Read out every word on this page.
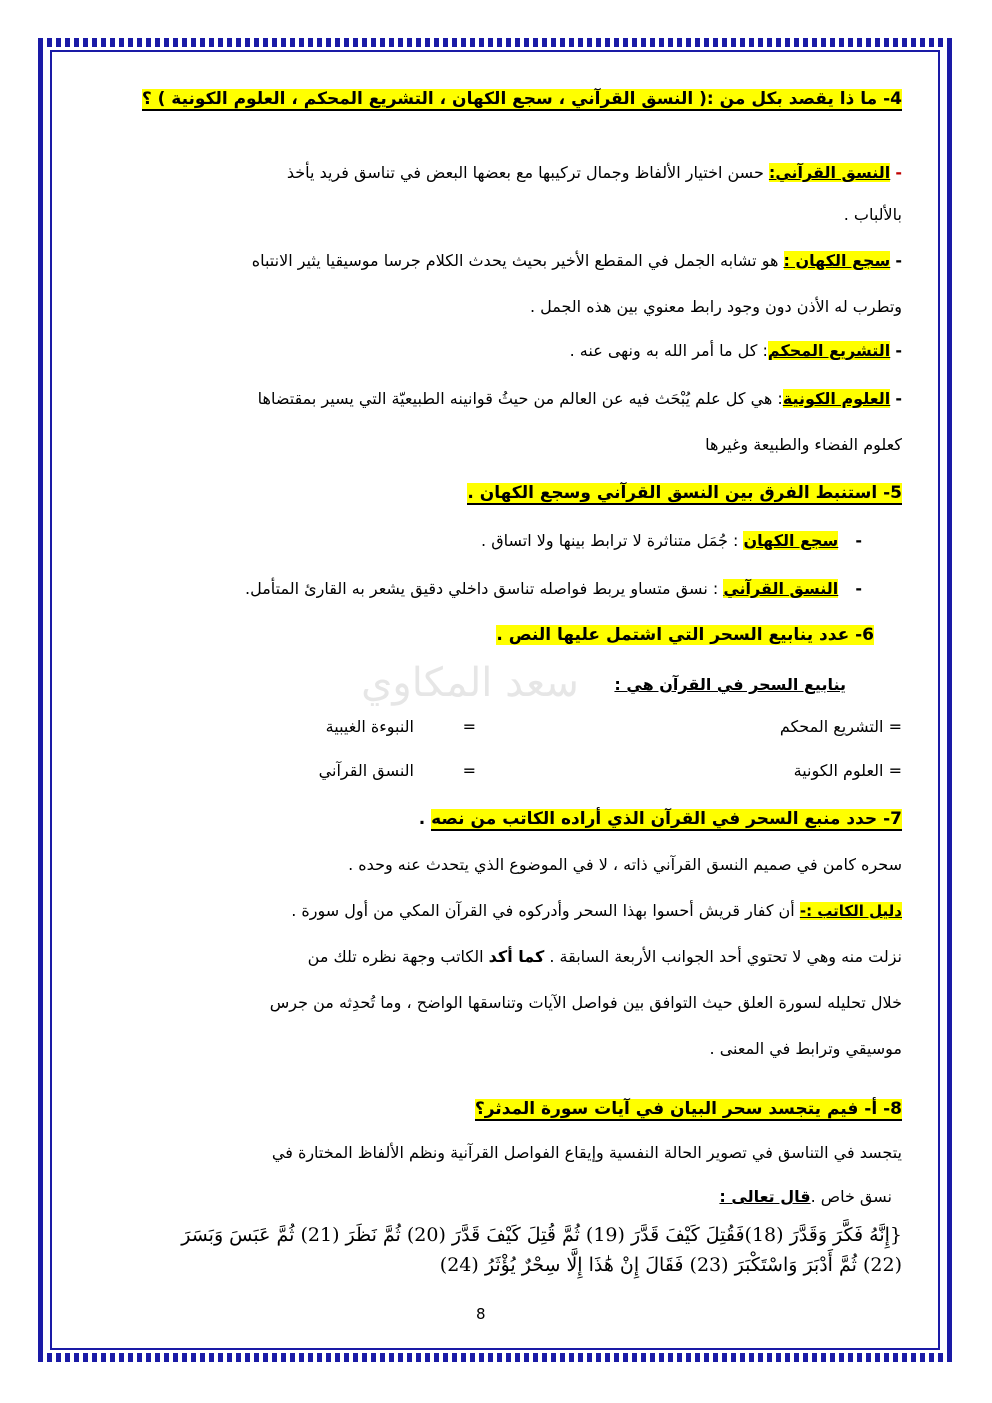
سعد المكاوي
4- ما ذا يقصد بكل من :( النسق القرآني ، سجع الكهان ، التشريع المحكم ، العلوم الكونية ) ؟
- النسق القرآني: حسن اختيار الألفاظ وجمال تركيبها مع بعضها البعض في تناسق فريد يأخذ
بالألباب .
- سجع الكهان : هو تشابه الجمل في المقطع الأخير بحيث يحدث الكلام جرسا موسيقيا يثير الانتباه
وتطرب له الأذن دون وجود رابط معنوي بين هذه الجمل .
- التشريع المحكم: كل ما أمر الله به ونهى عنه .
- العلوم الكونية: هي كل علم يُبْحَث فيه عن العالم من حيثُ قوانينه الطبيعيّة التي يسير بمقتضاها
كعلوم الفضاء والطبيعة وغيرها
5- استنبط الفرق بين النسق القرآني وسجع الكهان .
- سجع الكهان : جُمَل متناثرة لا ترابط بينها ولا اتساق .
- النسق القرآني : نسق متساو يربط فواصله تناسق داخلي دقيق يشعر به القارئ المتأمل.
6- عدد ينابيع السحر التي اشتمل عليها النص .
ينابيع السحر في القرآن هي :
= التشريع المحكم
=
النبوءة الغيبية
= العلوم الكونية
=
النسق القرآني
7- حدد منبع السحر في القرآن الذي أراده الكاتب من نصه .
سحره كامن في صميم النسق القرآني ذاته ، لا في الموضوع الذي يتحدث عنه وحده .
دليل الكاتب :- أن كفار قريش أحسوا بهذا السحر وأدركوه في القرآن المكي من أول سورة .
نزلت منه وهي لا تحتوي أحد الجوانب الأربعة السابقة . كما أكد الكاتب وجهة نظره تلك من
خلال تحليله لسورة العلق حيث التوافق بين فواصل الآيات وتناسقها الواضح ، وما تُحدِثه من جرس
موسيقي وترابط في المعنى .
8- أ- فيم يتجسد سحر البيان في آيات سورة المدثر؟
يتجسد في التناسق في تصوير الحالة النفسية وإيقاع الفواصل القرآنية ونظم الألفاظ المختارة في
نسق خاص .قال تعالى :
{إِنَّهُ فَكَّرَ وَقَدَّرَ (18)فَقُتِلَ كَيْفَ قَدَّرَ (19) ثُمَّ قُتِلَ كَيْفَ قَدَّرَ (20) ثُمَّ نَظَرَ (21) ثُمَّ عَبَسَ وَبَسَرَ
(22) ثُمَّ أَدْبَرَ وَاسْتَكْبَرَ (23) فَقَالَ إِنْ هَٰذَا إِلَّا سِحْرٌ يُؤْثَرُ (24)
8
